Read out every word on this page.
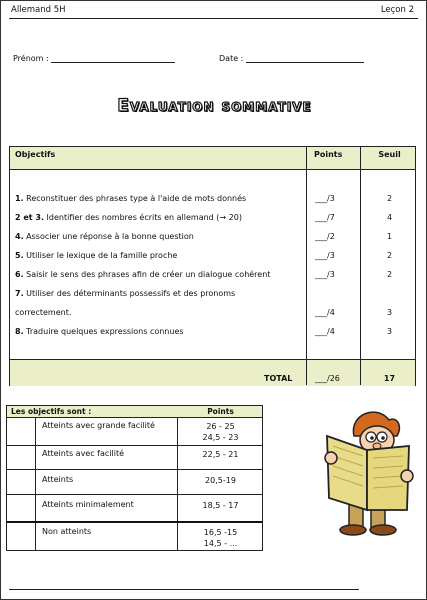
Allemand 5H	Leçon 2
Prénom :	Date :
Evaluation sommative
Objectifs	Points	Seuil
1. Reconstituer des phrases type à l'aide de mots donnés	___/3	2
2 et 3. Identifier des nombres écrits en allemand (→ 20)	___/7	4
4. Associer une réponse à la bonne question	___/2	1
5. Utiliser le lexique de la famille proche	___/3	2
6. Saisir le sens des phrases afin de créer un dialogue cohérent	___/3	2
7. Utiliser des déterminants possessifs et des pronoms
correctement.	___/4	3
8. Traduire quelques expressions connues	___/4	3
TOTAL	___/26	17
Les objectifs sont :	Points
Atteints avec grande facilité	26 - 25
24,5 - 23
Atteints avec facilité	22,5 - 21
Atteints	20,5-19
Atteints minimalement	18,5 - 17
Non atteints	16,5 -15
14,5 - ...
